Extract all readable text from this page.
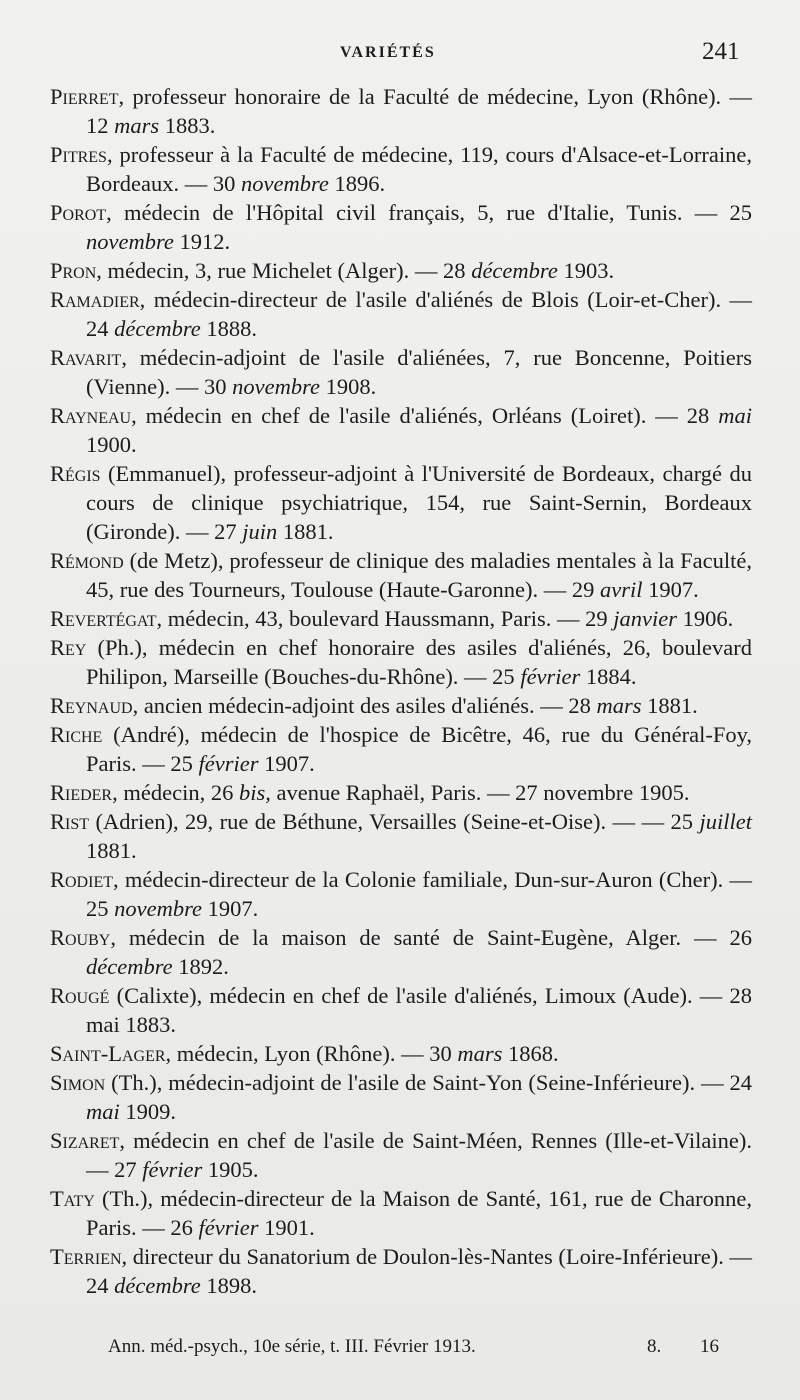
VARIÉTÉS	241

Pierret, professeur honoraire de la Faculté de médecine, Lyon (Rhône). — 12 mars 1883.

Pitres, professeur à la Faculté de médecine, 119, cours d'Alsace-et-Lorraine, Bordeaux. — 30 novembre 1896.

Porot, médecin de l'Hôpital civil français, 5, rue d'Italie, Tunis. — 25 novembre 1912.

Pron, médecin, 3, rue Michelet (Alger). — 28 décembre 1903.

Ramadier, médecin-directeur de l'asile d'aliénés de Blois (Loir-et-Cher). — 24 décembre 1888.

Ravarit, médecin-adjoint de l'asile d'aliénées, 7, rue Boncenne, Poitiers (Vienne). — 30 novembre 1908.

Rayneau, médecin en chef de l'asile d'aliénés, Orléans (Loiret). — 28 mai 1900.

Régis (Emmanuel), professeur-adjoint à l'Université de Bordeaux, chargé du cours de clinique psychiatrique, 154, rue Saint-Sernin, Bordeaux (Gironde). — 27 juin 1881.

Rémond (de Metz), professeur de clinique des maladies mentales à la Faculté, 45, rue des Tourneurs, Toulouse (Haute-Garonne). — 29 avril 1907.

Revertégat, médecin, 43, boulevard Haussmann, Paris. — 29 janvier 1906.

Rey (Ph.), médecin en chef honoraire des asiles d'aliénés, 26, boulevard Philipon, Marseille (Bouches-du-Rhône). — 25 février 1884.

Reynaud, ancien médecin-adjoint des asiles d'aliénés. — 28 mars 1881.

Riche (André), médecin de l'hospice de Bicêtre, 46, rue du Général-Foy, Paris. — 25 février 1907.

Rieder, médecin, 26 bis, avenue Raphaël, Paris. — 27 novembre 1905.

Rist (Adrien), 29, rue de Béthune, Versailles (Seine-et-Oise). — — 25 juillet 1881.

Rodiet, médecin-directeur de la Colonie familiale, Dun-sur-Auron (Cher). — 25 novembre 1907.

Rouby, médecin de la maison de santé de Saint-Eugène, Alger. — 26 décembre 1892.

Rougé (Calixte), médecin en chef de l'asile d'aliénés, Limoux (Aude). — 28 mai 1883.

Saint-Lager, médecin, Lyon (Rhône). — 30 mars 1868.

Simon (Th.), médecin-adjoint de l'asile de Saint-Yon (Seine-Inférieure). — 24 mai 1909.

Sizaret, médecin en chef de l'asile de Saint-Méen, Rennes (Ille-et-Vilaine). — 27 février 1905.

Taty (Th.), médecin-directeur de la Maison de Santé, 161, rue de Charonne, Paris. — 26 février 1901.

Terrien, directeur du Sanatorium de Doulon-lès-Nantes (Loire-Inférieure). — 24 décembre 1898.

Ann. méd.-psych., 10e série, t. III. Février 1913.	8. 16
